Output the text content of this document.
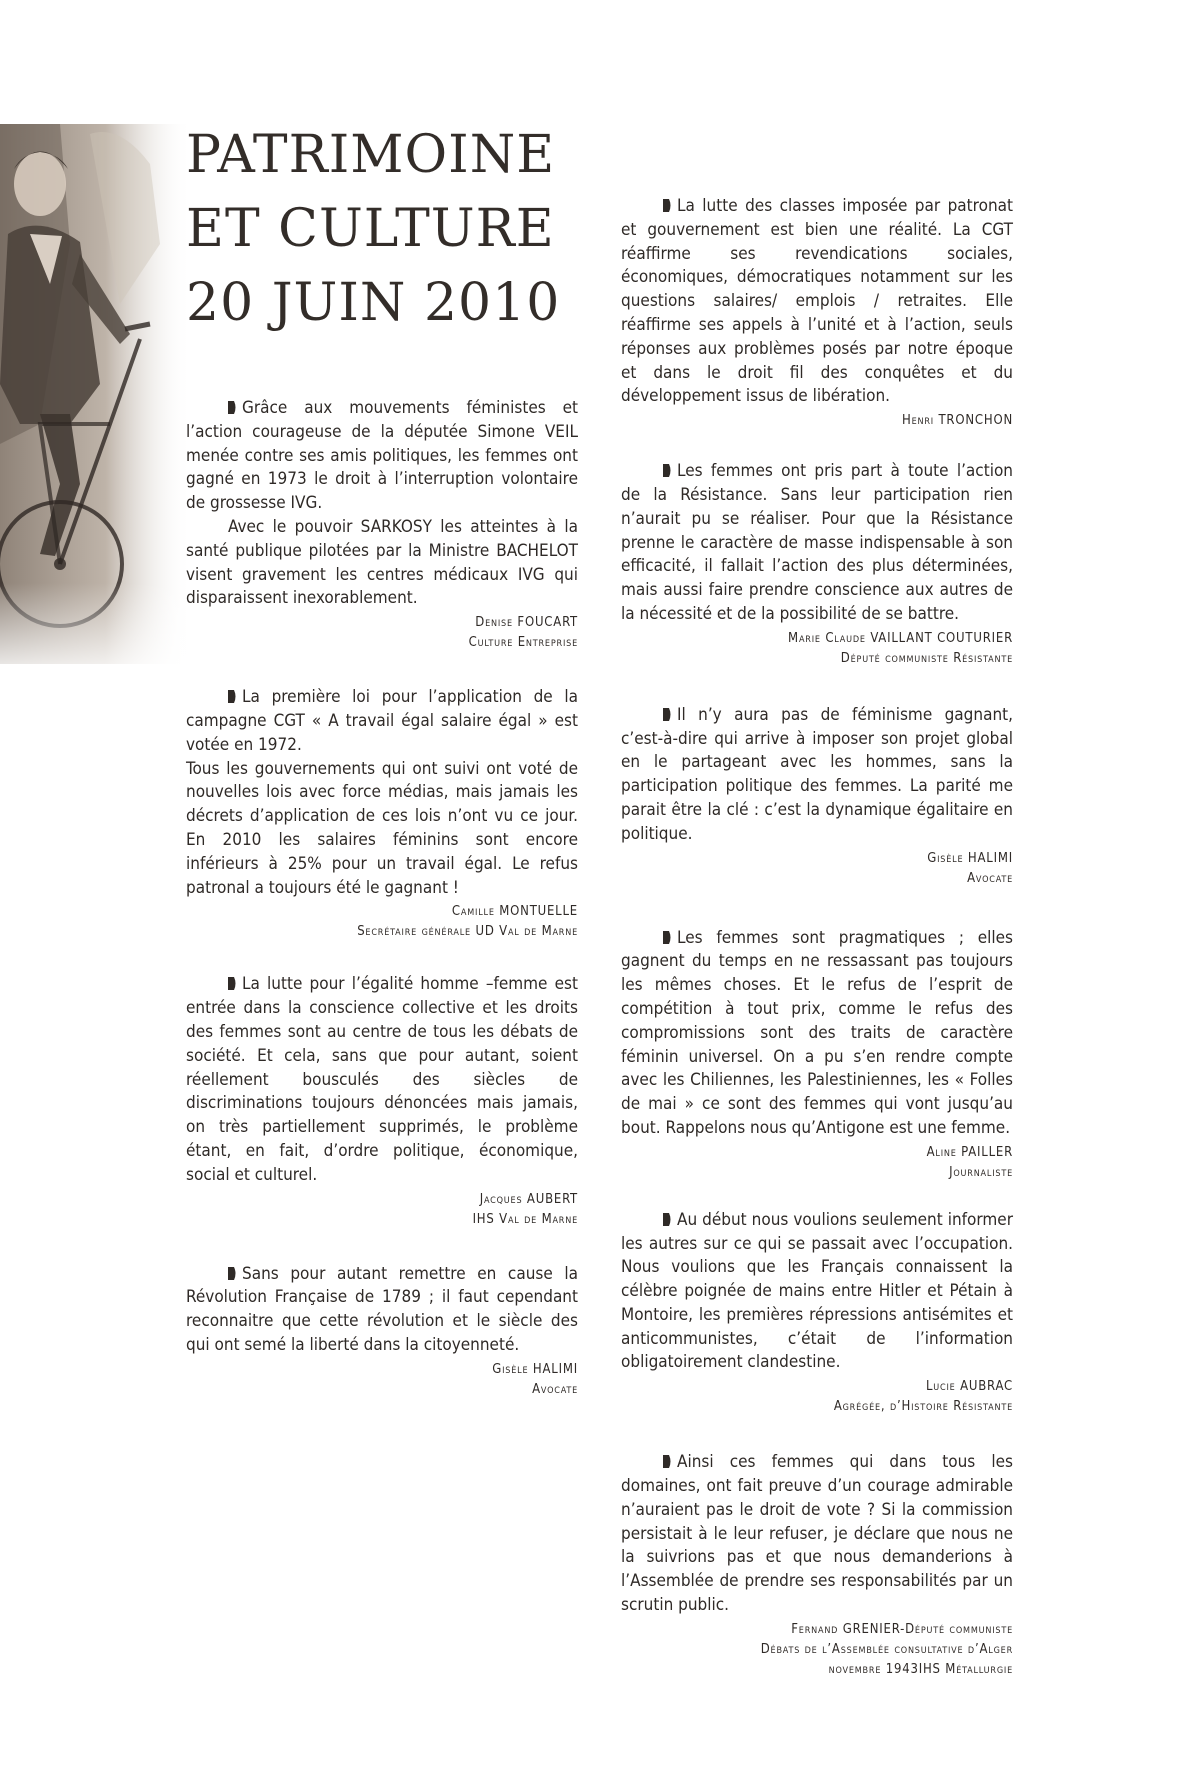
PATRIMOINE
ET CULTURE
20 JUIN 2010

Grâce aux mouvements féministes et l’action courageuse de la députée Simone VEIL menée contre ses amis politiques, les femmes ont gagné en 1973 le droit à l’interruption volontaire de grossesse IVG.

Avec le pouvoir SARKOSY les atteintes à la santé publique pilotées par la Ministre BACHELOT visent gravement les centres médicaux IVG qui disparaissent inexorablement.

Denise FOUCART
Culture Entreprise

La première loi pour l’application de la campagne CGT « A travail égal salaire égal » est votée en 1972.

Tous les gouvernements qui ont suivi ont voté de nouvelles lois avec force médias, mais jamais les décrets d’application de ces lois n’ont vu ce jour. En 2010 les salaires féminins sont encore inférieurs à 25% pour un travail égal. Le refus patronal a toujours été le gagnant !

Camille MONTUELLE
Secrétaire générale UD Val de Marne

La lutte pour l’égalité homme –femme est entrée dans la conscience collective et les droits des femmes sont au centre de tous les débats de société. Et cela, sans que pour autant, soient réellement bousculés des siècles de discriminations toujours dénoncées mais jamais, on très partiellement supprimés, le problème étant, en fait, d’ordre politique, économique, social et culturel.

Jacques AUBERT
IHS Val de Marne

Sans pour autant remettre en cause la Révolution Française de 1789 ; il faut cependant reconnaitre que cette révolution et le siècle des qui ont semé la liberté dans la citoyenneté.

Gisèle HALIMI
Avocate

La lutte des classes imposée par patronat et gouvernement est bien une réalité. La CGT réaffirme ses revendications sociales, économiques, démocratiques notamment sur les questions salaires/ emplois / retraites. Elle réaffirme ses appels à l’unité et à l’action, seuls réponses aux problèmes posés par notre époque et dans le droit fil des conquêtes et du développement issus de libération.

Henri TRONCHON

Les femmes ont pris part à toute l’action de la Résistance. Sans leur participation rien n’aurait pu se réaliser. Pour que la Résistance prenne le caractère de masse indispensable à son efficacité, il fallait l’action des plus déterminées, mais aussi faire prendre conscience aux autres de la nécessité et de la possibilité de se battre.

Marie Claude VAILLANT COUTURIER
Député communiste Résistante

Il n’y aura pas de féminisme gagnant, c’est-à-dire qui arrive à imposer son projet global en le partageant avec les hommes, sans la participation politique des femmes. La parité me parait être la clé : c’est la dynamique égalitaire en politique.

Gisèle HALIMI
Avocate

Les femmes sont pragmatiques ; elles gagnent du temps en ne ressassant pas toujours les mêmes choses. Et le refus de l’esprit de compétition à tout prix, comme le refus des compromissions sont des traits de caractère féminin universel. On a pu s’en rendre compte avec les Chiliennes, les Palestiniennes, les « Folles de mai » ce sont des femmes qui vont jusqu’au bout. Rappelons nous qu’Antigone est une femme.

Aline PAILLER
Journaliste

Au début nous voulions seulement informer les autres sur ce qui se passait avec l’occupation. Nous voulions que les Français connaissent la célèbre poignée de mains entre Hitler et Pétain à Montoire, les premières répressions antisémites et anticommunistes, c’était de l’information obligatoirement clandestine.

Lucie AUBRAC
Agrégée, d’Histoire Résistante

Ainsi ces femmes qui dans tous les domaines, ont fait preuve d’un courage admirable n’auraient pas le droit de vote ? Si la commission persistait à le leur refuser, je déclare que nous ne la suivrions pas et que nous demanderions à l’Assemblée de prendre ses responsabilités par un scrutin public.

Fernand GRENIER-Député communiste
Débats de l’Assemblée consultative d’Alger
novembre 1943IHS Métallurgie
